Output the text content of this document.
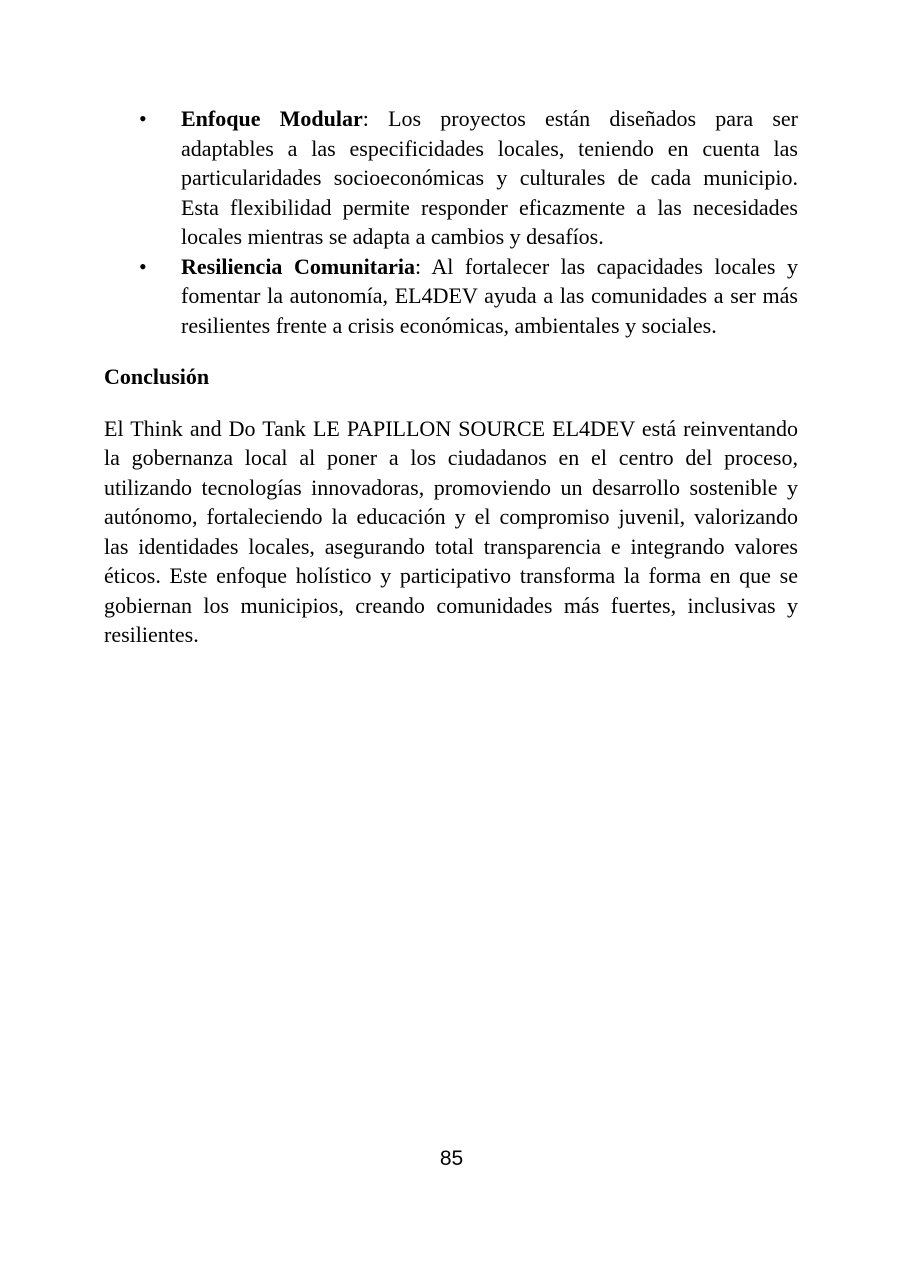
• Enfoque Modular: Los proyectos están diseñados para ser adaptables a las especificidades locales, teniendo en cuenta las particularidades socioeconómicas y culturales de cada municipio. Esta flexibilidad permite responder eficazmente a las necesidades locales mientras se adapta a cambios y desafíos.
• Resiliencia Comunitaria: Al fortalecer las capacidades locales y fomentar la autonomía, EL4DEV ayuda a las comunidades a ser más resilientes frente a crisis económicas, ambientales y sociales.
Conclusión

El Think and Do Tank LE PAPILLON SOURCE EL4DEV está reinventando la gobernanza local al poner a los ciudadanos en el centro del proceso, utilizando tecnologías innovadoras, promoviendo un desarrollo sostenible y autónomo, fortaleciendo la educación y el compromiso juvenil, valorizando las identidades locales, asegurando total transparencia e integrando valores éticos. Este enfoque holístico y participativo transforma la forma en que se gobiernan los municipios, creando comunidades más fuertes, inclusivas y resilientes.

85
